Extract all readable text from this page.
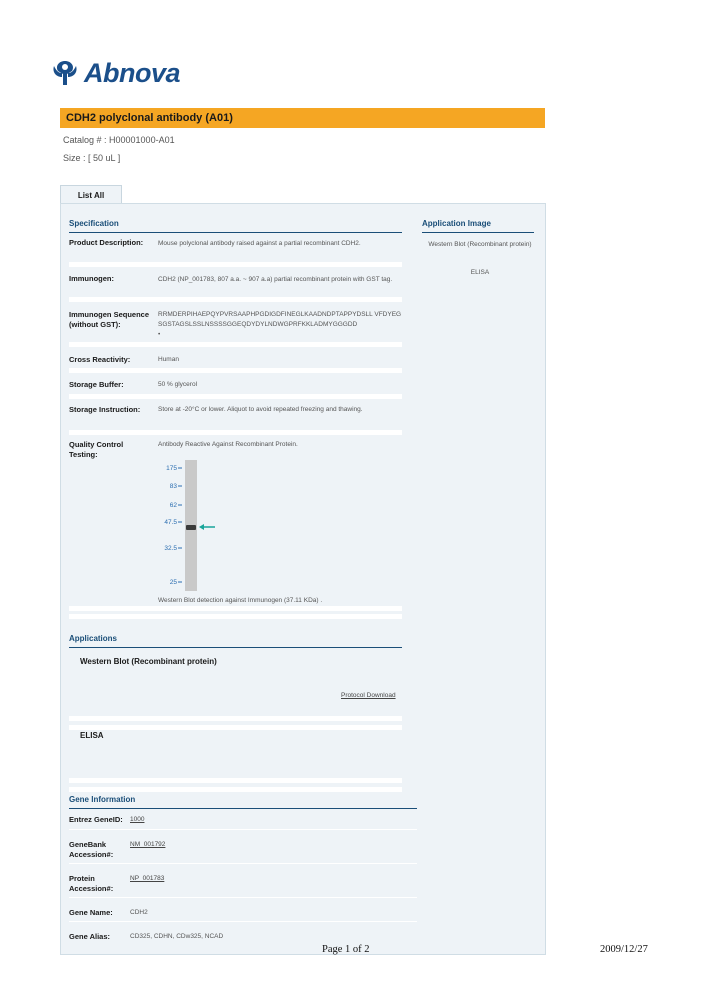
Abnova
CDH2 polyclonal antibody (A01)
Catalog # : H00001000-A01
Size : [ 50 uL ]
List All
Specification	Application Image
Product Description:	Mouse polyclonal antibody raised against a partial recombinant CDH2.
Immunogen:	CDH2 (NP_001783, 807 a.a. ~ 907 a.a) partial recombinant protein with GST tag.
Immunogen Sequence (without GST):
RRMDERPIHAEPQYPVRSAAPHPGDIGDFINEGLKAADNDPTAPPYDSLL VFDYEGSGSTAGSLSSLNSSSSGGEQDYDYLNDWGPRFKKLADMYGGGDD
•
Cross Reactivity:	Human
Storage Buffer:	50 % glycerol
Storage Instruction:	Store at -20°C or lower. Aliquot to avoid repeated freezing and thawing.
Quality Control Testing:
Antibody Reactive Against Recombinant Protein.
175
83
62
47.5
32.5
25
Western Blot detection against Immunogen (37.11 KDa) .
Western Blot (Recombinant protein)
ELISA
Applications
Western Blot (Recombinant protein)
Protocol Download
ELISA
Gene Information
Entrez GeneID: 1000
GeneBank Accession#:
NM_001792
Protein Accession#:
NP_001783
Gene Name:	CDH2
Gene Alias:	CD325, CDHN, CDw325, NCAD
Page 1 of 2	2009/12/27
